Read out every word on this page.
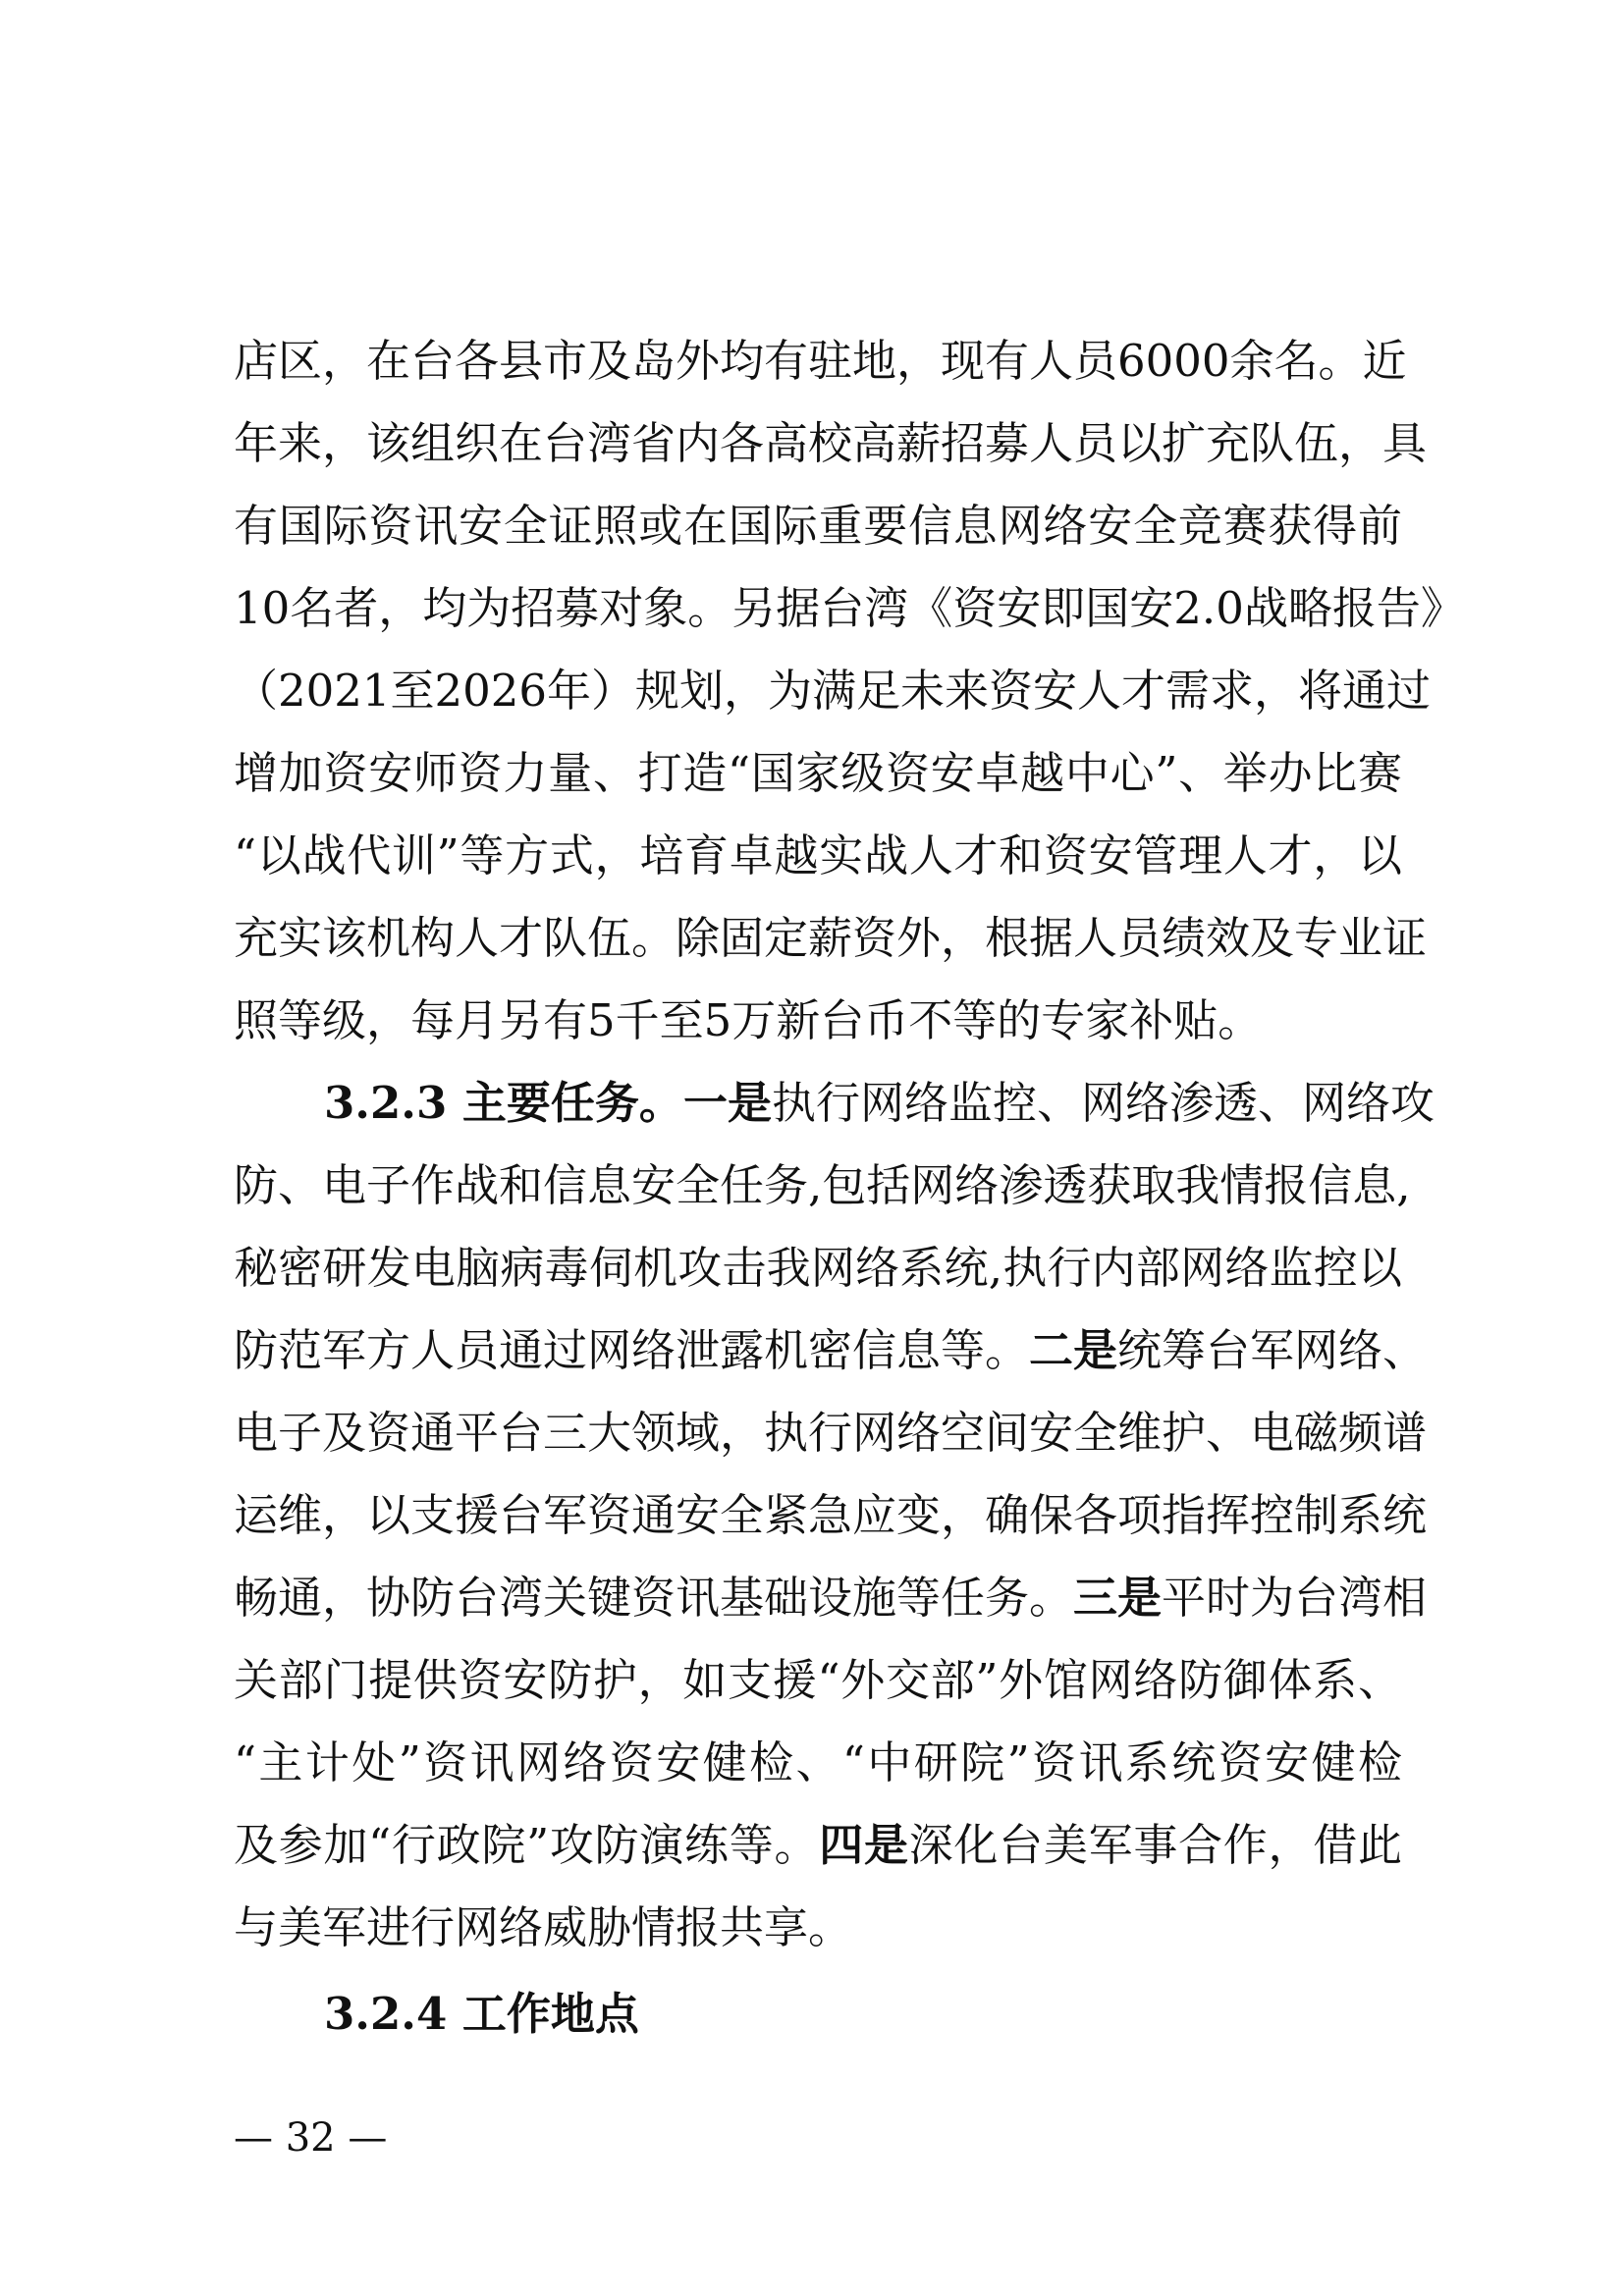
店区，在台各县市及岛外均有驻地，现有人员6000余名。近
年来，该组织在台湾省内各高校高薪招募人员以扩充队伍，具
有国际资讯安全证照或在国际重要信息网络安全竞赛获得前
10名者，均为招募对象。另据台湾《资安即国安2.0战略报告》
（2021至2026年）规划，为满足未来资安人才需求，将通过
增加资安师资力量、打造“国家级资安卓越中心”、举办比赛
“以战代训”等方式，培育卓越实战人才和资安管理人才，以
充实该机构人才队伍。除固定薪资外，根据人员绩效及专业证
照等级，每月另有5千至5万新台币不等的专家补贴。
3.2.3 主要任务。一是执行网络监控、网络渗透、网络攻
防、电子作战和信息安全任务,包括网络渗透获取我情报信息,
秘密研发电脑病毒伺机攻击我网络系统,执行内部网络监控以
防范军方人员通过网络泄露机密信息等。二是统筹台军网络、
电子及资通平台三大领域，执行网络空间安全维护、电磁频谱
运维，以支援台军资通安全紧急应变，确保各项指挥控制系统
畅通，协防台湾关键资讯基础设施等任务。三是平时为台湾相
关部门提供资安防护，如支援“外交部”外馆网络防御体系、
“主计处”资讯网络资安健检、“中研院”资讯系统资安健检
及参加“行政院”攻防演练等。四是深化台美军事合作，借此
与美军进行网络威胁情报共享。
3.2.4 工作地点
— 32 —
